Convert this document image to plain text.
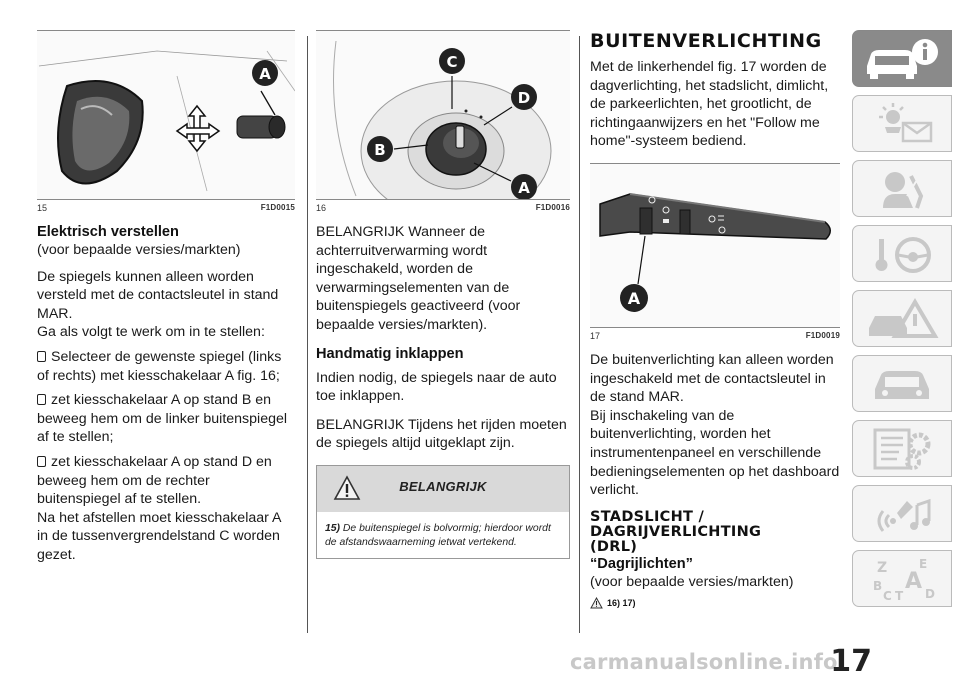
A
15	F1D0015
Elektrisch verstellen
(voor bepaalde versies/markten)
De spiegels kunnen alleen worden versteld met de contactsleutel in stand MAR.
Ga als volgt te werk om in te stellen:
Selecteer de gewenste spiegel (links of rechts) met kiesschakelaar A fig. 16;
zet kiesschakelaar A op stand B en beweeg hem om de linker buitenspiegel af te stellen;
zet kiesschakelaar A op stand D en beweeg hem om de rechter buitenspiegel af te stellen.
Na het afstellen moet kiesschakelaar A in de tussenvergrendelstand C worden gezet.
C
B
D
A
16	F1D0016
BELANGRIJK Wanneer de achterruitverwarming wordt ingeschakeld, worden de verwarmingselementen van de buitenspiegels geactiveerd (voor bepaalde versies/markten).
Handmatig inklappen
Indien nodig, de spiegels naar de auto toe inklappen.
BELANGRIJK Tijdens het rijden moeten de spiegels altijd uitgeklapt zijn.
BELANGRIJK
15) De buitenspiegel is bolvormig; hierdoor wordt de afstandswaarneming ietwat vertekend.
BUITENVERLICHTING
Met de linkerhendel fig. 17 worden de dagverlichting, het stadslicht, dimlicht, de parkeerlichten, het grootlicht, de richtingaanwijzers en het "Follow me home"-systeem bediend.
A
17	F1D0019
De buitenverlichting kan alleen worden ingeschakeld met de contactsleutel in de stand MAR.
Bij inschakeling van de buitenverlichting, worden het instrumentenpaneel en verschillende bedieningselementen op het dashboard verlicht.
STADSLICHT /
DAGRIJVERLICHTING
(DRL)
“Dagrijlichten”
(voor bepaalde versies/markten)
16) 17)
Z	E
B A
C T D
carmanualsonline.info
17
